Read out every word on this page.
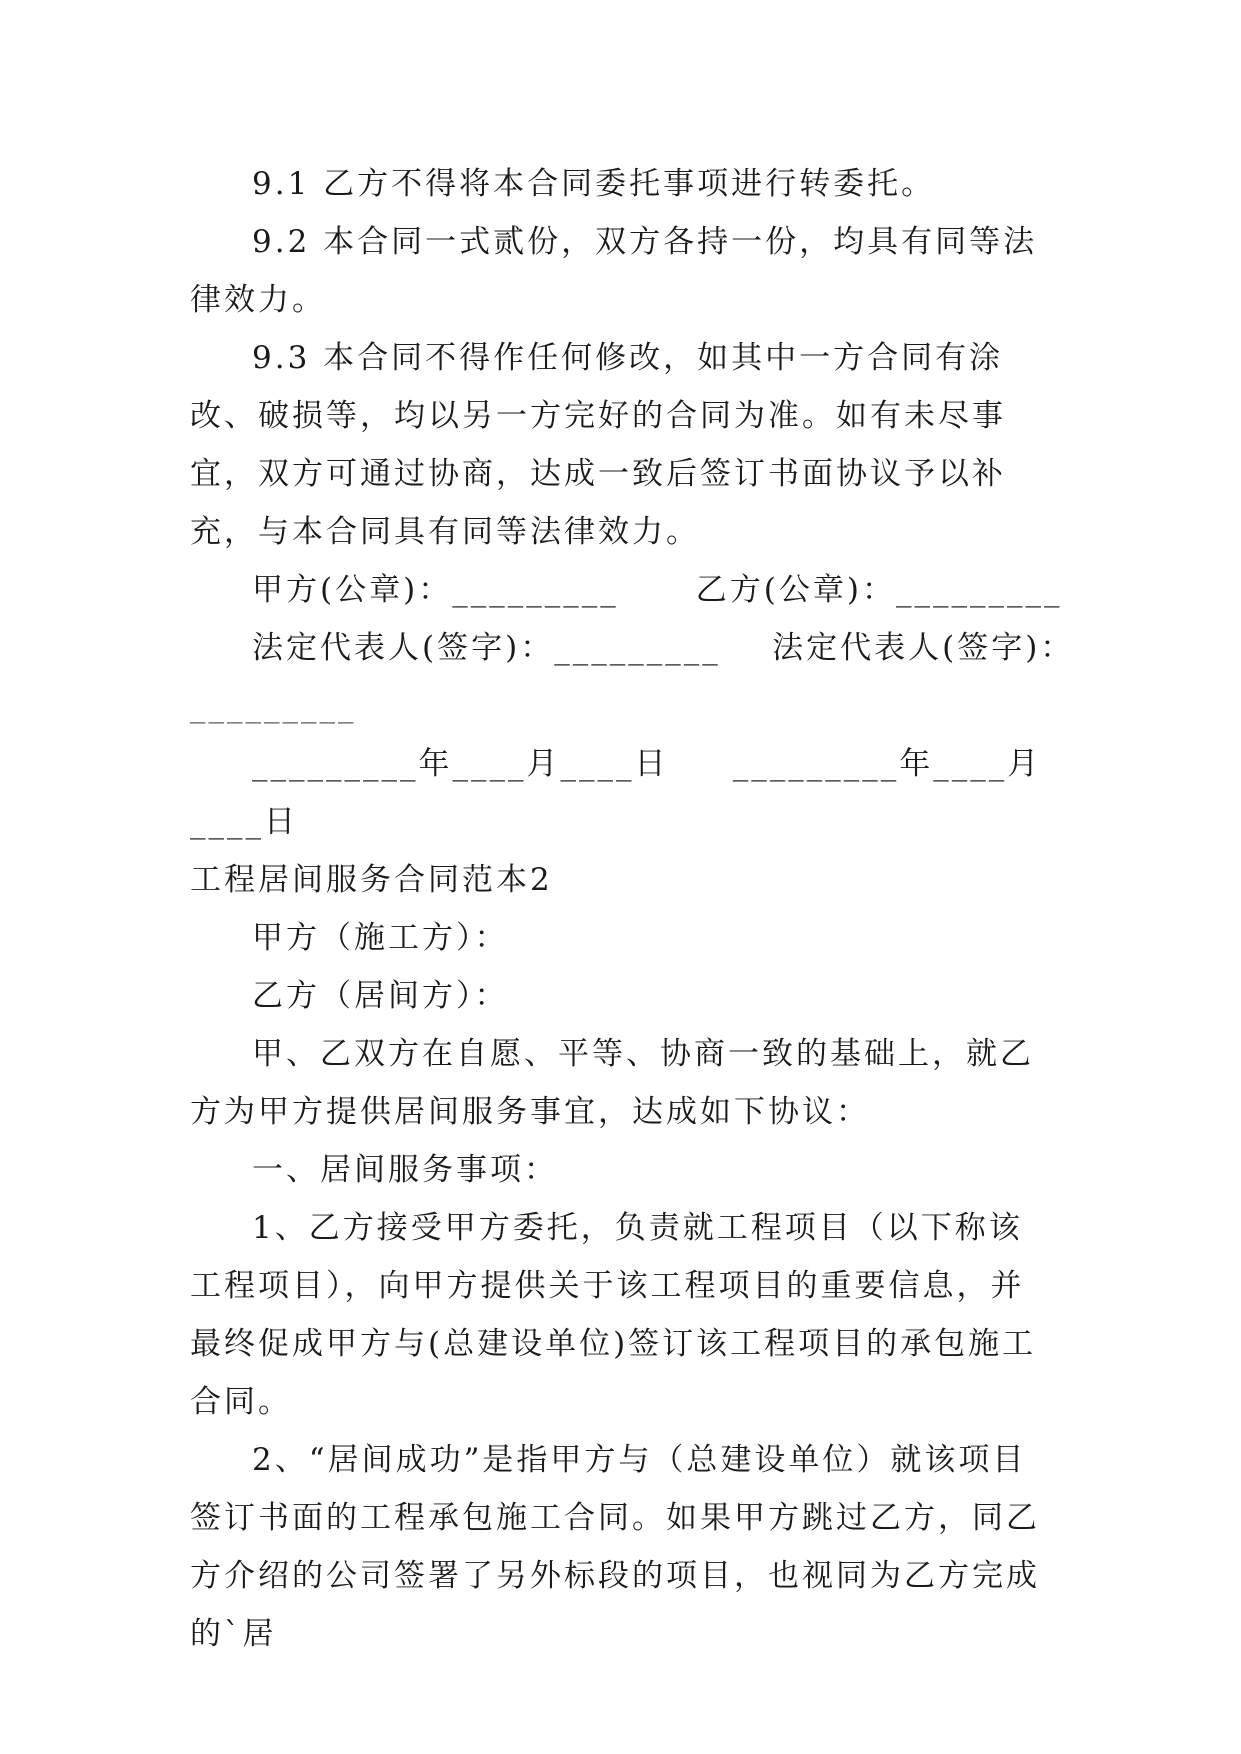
9.1 乙方不得将本合同委托事项进行转委托。

9.2 本合同一式贰份，双方各持一份，均具有同等法律效力。

9.3 本合同不得作任何修改，如其中一方合同有涂改、破损等，均以另一方完好的合同为准。如有未尽事宜，双方可通过协商，达成一致后签订书面协议予以补充，与本合同具有同等法律效力。

甲方(公章)：_________      乙方(公章)：_________

法定代表人(签字)：_________    法定代表人(签字)：

_________

_________年____月____日     _________年____月____日

工程居间服务合同范本2

甲方（施工方）：

乙方（居间方）：

甲、乙双方在自愿、平等、协商一致的基础上，就乙方为甲方提供居间服务事宜，达成如下协议：

一、居间服务事项：

1、乙方接受甲方委托，负责就工程项目（以下称该工程项目），向甲方提供关于该工程项目的重要信息，并最终促成甲方与(总建设单位)签订该工程项目的承包施工合同。

2、“居间成功”是指甲方与（总建设单位）就该项目签订书面的工程承包施工合同。如果甲方跳过乙方，同乙方介绍的公司签署了另外标段的项目，也视同为乙方完成的`居
